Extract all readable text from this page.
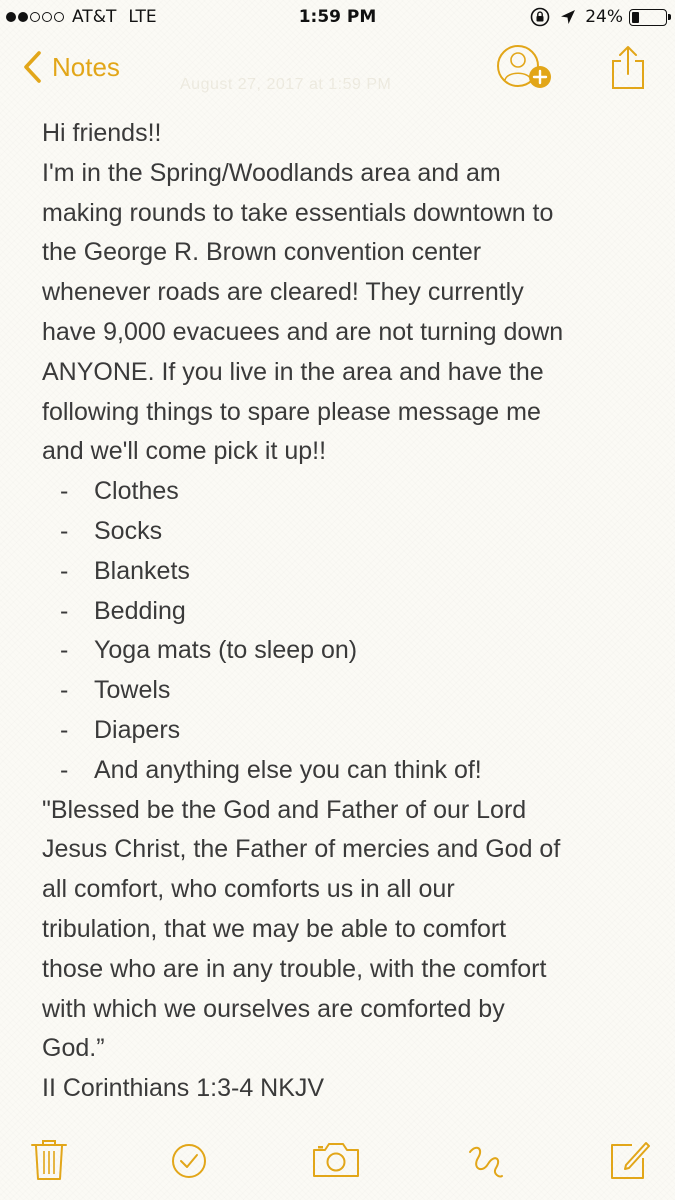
AT&T LTE	1:59 PM	24%
Notes
August 27, 2017 at 1:59 PM
Hi friends!!
I'm in the Spring/Woodlands area and am
making rounds to take essentials downtown to
the George R. Brown convention center
whenever roads are cleared! They currently
have 9,000 evacuees and are not turning down
ANYONE. If you live in the area and have the
following things to spare please message me
and we'll come pick it up!!
-	Clothes
-	Socks
-	Blankets
-	Bedding
-	Yoga mats (to sleep on)
-	Towels
-	Diapers
-	And anything else you can think of!
"Blessed be the God and Father of our Lord
Jesus Christ, the Father of mercies and God of
all comfort, who comforts us in all our
tribulation, that we may be able to comfort
those who are in any trouble, with the comfort
with which we ourselves are comforted by
God.”
II Corinthians 1:3-4 NKJV
